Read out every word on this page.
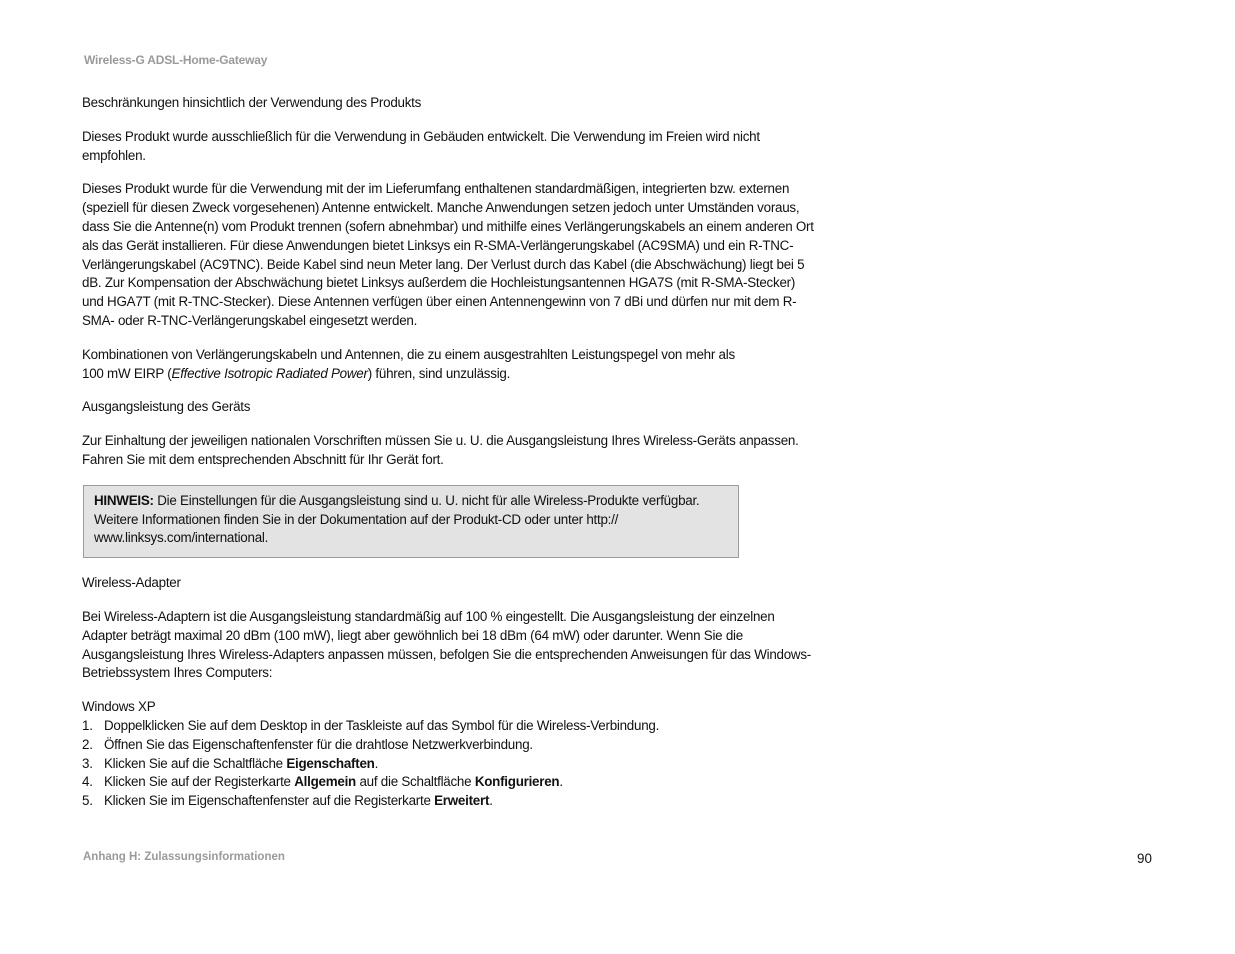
Wireless-G ADSL-Home-Gateway

Beschränkungen hinsichtlich der Verwendung des Produkts

Dieses Produkt wurde ausschließlich für die Verwendung in Gebäuden entwickelt. Die Verwendung im Freien wird nicht empfohlen.

Dieses Produkt wurde für die Verwendung mit der im Lieferumfang enthaltenen standardmäßigen, integrierten bzw. externen (speziell für diesen Zweck vorgesehenen) Antenne entwickelt. Manche Anwendungen setzen jedoch unter Umständen voraus, dass Sie die Antenne(n) vom Produkt trennen (sofern abnehmbar) und mithilfe eines Verlängerungskabels an einem anderen Ort als das Gerät installieren. Für diese Anwendungen bietet Linksys ein R-SMA-Verlängerungskabel (AC9SMA) und ein R-TNC-Verlängerungskabel (AC9TNC). Beide Kabel sind neun Meter lang. Der Verlust durch das Kabel (die Abschwächung) liegt bei 5 dB. Zur Kompensation der Abschwächung bietet Linksys außerdem die Hochleistungsantennen HGA7S (mit R-SMA-Stecker) und HGA7T (mit R-TNC-Stecker). Diese Antennen verfügen über einen Antennengewinn von 7 dBi und dürfen nur mit dem R-SMA- oder R-TNC-Verlängerungskabel eingesetzt werden.

Kombinationen von Verlängerungskabeln und Antennen, die zu einem ausgestrahlten Leistungspegel von mehr als
100 mW EIRP (Effective Isotropic Radiated Power) führen, sind unzulässig.

Ausgangsleistung des Geräts

Zur Einhaltung der jeweiligen nationalen Vorschriften müssen Sie u. U. die Ausgangsleistung Ihres Wireless-Geräts anpassen. Fahren Sie mit dem entsprechenden Abschnitt für Ihr Gerät fort.

HINWEIS: Die Einstellungen für die Ausgangsleistung sind u. U. nicht für alle Wireless-Produkte verfügbar. Weitere Informationen finden Sie in der Dokumentation auf der Produkt-CD oder unter http:// www.linksys.com/international.

Wireless-Adapter

Bei Wireless-Adaptern ist die Ausgangsleistung standardmäßig auf 100 % eingestellt. Die Ausgangsleistung der einzelnen Adapter beträgt maximal 20 dBm (100 mW), liegt aber gewöhnlich bei 18 dBm (64 mW) oder darunter. Wenn Sie die Ausgangsleistung Ihres Wireless-Adapters anpassen müssen, befolgen Sie die entsprechenden Anweisungen für das Windows-Betriebssystem Ihres Computers:

Windows XP
1. Doppelklicken Sie auf dem Desktop in der Taskleiste auf das Symbol für die Wireless-Verbindung.
2. Öffnen Sie das Eigenschaftenfenster für die drahtlose Netzwerkverbindung.
3. Klicken Sie auf die Schaltfläche Eigenschaften.
4. Klicken Sie auf der Registerkarte Allgemein auf die Schaltfläche Konfigurieren.
5. Klicken Sie im Eigenschaftenfenster auf die Registerkarte Erweitert.
Anhang H: Zulassungsinformationen	90
